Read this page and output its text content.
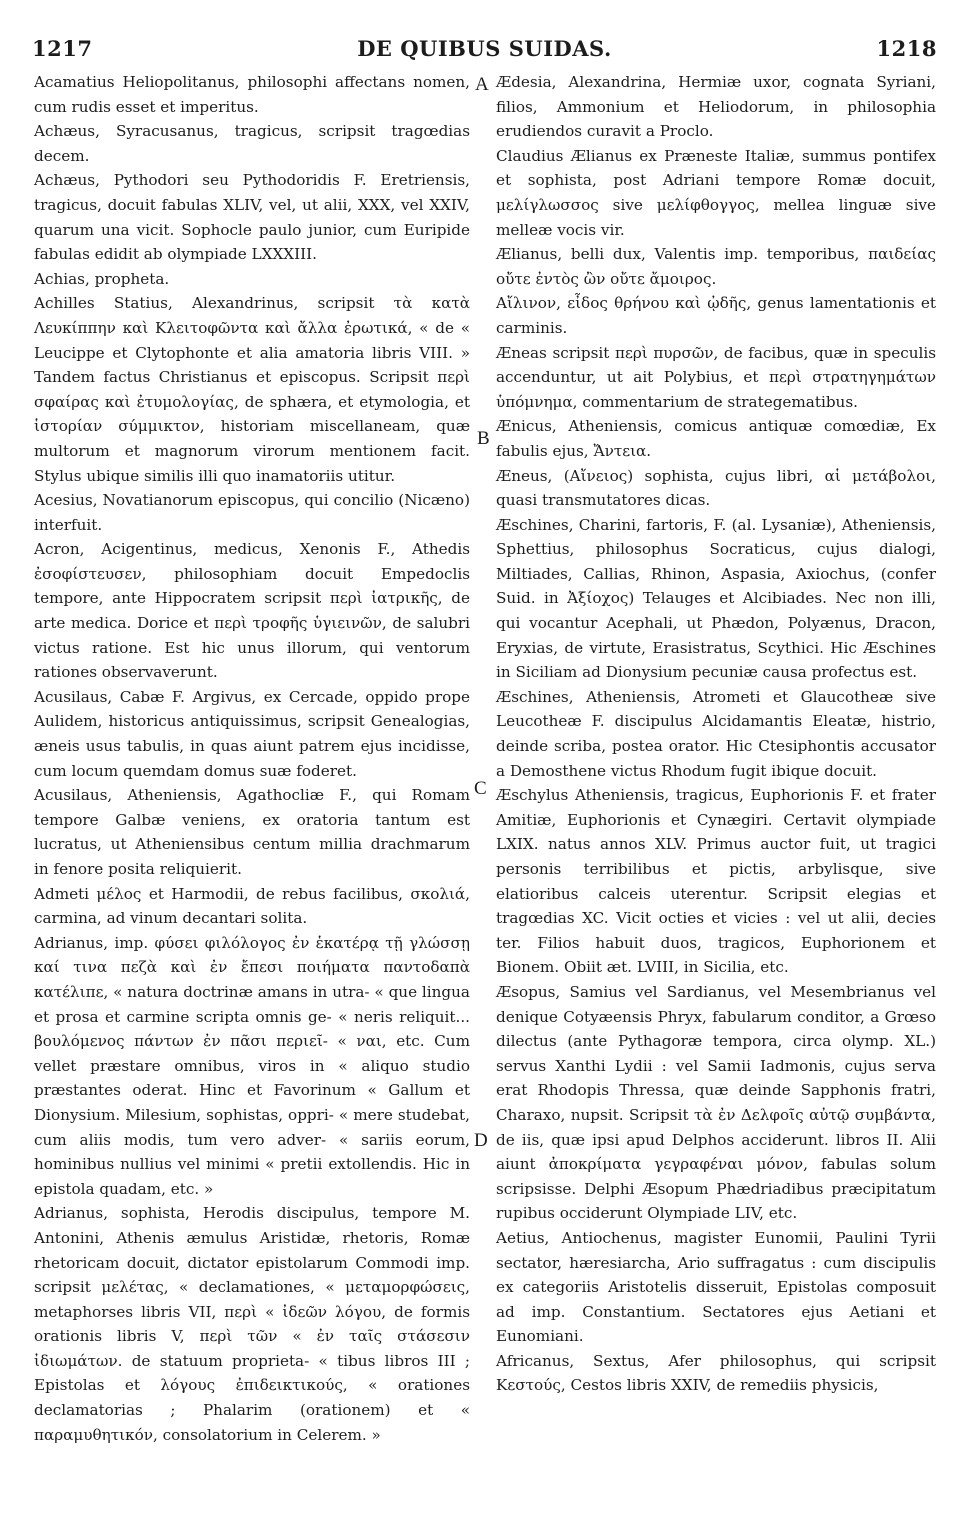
1217	DE QUIBUS SUIDAS.	1218
A
B
C
D

Acamatius Heliopolitanus, philosophi affectans nomen, cum rudis esset et imperitus.

Achæus, Syracusanus, tragicus, scripsit tragœdias decem.

Achæus, Pythodori seu Pythodoridis F. Eretriensis, tragicus, docuit fabulas XLIV, vel, ut alii, XXX, vel XXIV, quarum una vicit. Sophocle paulo junior, cum Euripide fabulas edidit ab olympiade LXXXIII.

Achias, propheta.

Achilles Statius, Alexandrinus, scripsit τὰ κατὰ Λευκίππην καὶ Κλειτοφῶντα καὶ ἄλλα ἐρωτικά, « de « Leucippe et Clytophonte et alia amatoria libris VIII. » Tandem factus Christianus et episcopus. Scripsit περὶ σφαίρας καὶ ἐτυμολογίας, de sphæra, et etymologia, et ἱστορίαν σύμμικτον, historiam miscellaneam, quæ multorum et magnorum virorum mentionem facit. Stylus ubique similis illi quo inamatoriis utitur.

Acesius, Novatianorum episcopus, qui concilio (Nicæno) interfuit.

Acron, Acigentinus, medicus, Xenonis F., Athedis ἐσοφίστευσεν, philosophiam docuit Empedoclis tempore, ante Hippocratem scripsit περὶ ἰατρικῆς, de arte medica. Dorice et περὶ τροφῆς ὑγιεινῶν, de salubri victus ratione. Est hic unus illorum, qui ventorum rationes observaverunt.

Acusilaus, Cabæ F. Argivus, ex Cercade, oppido prope Aulidem, historicus antiquissimus, scripsit Genealogias, æneis usus tabulis, in quas aiunt patrem ejus incidisse, cum locum quemdam domus suæ foderet.

Acusilaus, Atheniensis, Agathocliæ F., qui Romam tempore Galbæ veniens, ex oratoria tantum est lucratus, ut Atheniensibus centum millia drachmarum in fenore posita reliquierit.

Admeti μέλος et Harmodii, de rebus facilibus, σκολιά, carmina, ad vinum decantari solita.

Adrianus, imp. φύσει φιλόλογος ἐν ἑκατέρᾳ τῇ γλώσσῃ καί τινα πεζὰ καὶ ἐν ἔπεσι ποιήματα παντοδαπὰ κατέλιπε, « natura doctrinæ amans in utra- « que lingua et prosa et carmine scripta omnis ge- « neris reliquit... βουλόμενος πάντων ἐν πᾶσι περιεῖ- « ναι, etc. Cum vellet præstare omnibus, viros in « aliquo studio præstantes oderat. Hinc et Favorinum « Gallum et Dionysium. Milesium, sophistas, oppri- « mere studebat, cum aliis modis, tum vero adver- « sariis eorum, hominibus nullius vel minimi « pretii extollendis. Hic in epistola quadam, etc. »

Adrianus, sophista, Herodis discipulus, tempore M. Antonini, Athenis æmulus Aristidæ, rhetoris, Romæ rhetoricam docuit, dictator epistolarum Commodi imp. scripsit μελέτας, « declamationes, « μεταμορφώσεις, metaphorses libris VII, περὶ « ἰδεῶν λόγου, de formis orationis libris V, περὶ τῶν « ἐν ταῖς στάσεσιν ἰδιωμάτων. de statuum proprieta- « tibus libros III ; Epistolas et λόγους ἐπιδεικτικούς, « orationes declamatorias ; Phalarim (orationem) et « παραμυθητικόν, consolatorium in Celerem. »

Ædesia, Alexandrina, Hermiæ uxor, cognata Syriani, filios, Ammonium et Heliodorum, in philosophia erudiendos curavit a Proclo.

Claudius Ælianus ex Præneste Italiæ, summus pontifex et sophista, post Adriani tempore Romæ docuit, μελίγλωσσος sive μελίφθογγος, mellea linguæ sive melleæ vocis vir.

Ælianus, belli dux, Valentis imp. temporibus, παιδείας οὔτε ἐντὸς ὢν οὔτε ἄμοιρος.

Αἴλινον, εἶδος θρήνου καὶ ᾠδῆς, genus lamentationis et carminis.

Æneas scripsit περὶ πυρσῶν, de facibus, quæ in speculis accenduntur, ut ait Polybius, et περὶ στρατηγημάτων ὑπόμνημα, commentarium de strategematibus.

Ænicus, Atheniensis, comicus antiquæ comœdiæ, Ex fabulis ejus, Ἄντεια.

Æneus, (Αἴνειος) sophista, cujus libri, αἱ μετάβολοι, quasi transmutatores dicas.

Æschines, Charini, fartoris, F. (al. Lysaniæ), Atheniensis, Sphettius, philosophus Socraticus, cujus dialogi, Miltiades, Callias, Rhinon, Aspasia, Axiochus, (confer Suid. in Ἀξίοχος) Telauges et Alcibiades. Nec non illi, qui vocantur Acephali, ut Phædon, Polyænus, Dracon, Eryxias, de virtute, Erasistratus, Scythici. Hic Æschines in Siciliam ad Dionysium pecuniæ causa profectus est.

Æschines, Atheniensis, Atrometi et Glaucotheæ sive Leucotheæ F. discipulus Alcidamantis Eleatæ, histrio, deinde scriba, postea orator. Hic Ctesiphontis accusator a Demosthene victus Rhodum fugit ibique docuit.

Æschylus Atheniensis, tragicus, Euphorionis F. et frater Amitiæ, Euphorionis et Cynægiri. Certavit olympiade LXIX. natus annos XLV. Primus auctor fuit, ut tragici personis terribilibus et pictis, arbylisque, sive elatioribus calceis uterentur. Scripsit elegias et tragœdias XC. Vicit octies et vicies : vel ut alii, decies ter. Filios habuit duos, tragicos, Euphorionem et Bionem. Obiit æt. LVIII, in Sicilia, etc.

Æsopus, Samius vel Sardianus, vel Mesembrianus vel denique Cotyæensis Phryx, fabularum conditor, a Grœso dilectus (ante Pythagoræ tempora, circa olymp. XL.) servus Xanthi Lydii : vel Samii Iadmonis, cujus serva erat Rhodopis Thressa, quæ deinde Sapphonis fratri, Charaxo, nupsit. Scripsit τὰ ἐν Δελφοῖς αὐτῷ συμβάντα, de iis, quæ ipsi apud Delphos acciderunt. libros II. Alii aiunt ἀποκρίματα γεγραφέναι μόνον, fabulas solum scripsisse. Delphi Æsopum Phædriadibus præcipitatum rupibus occiderunt Olympiade LIV, etc.

Aetius, Antiochenus, magister Eunomii, Paulini Tyrii sectator, hæresiarcha, Ario suffragatus : cum discipulis ex categoriis Aristotelis disseruit, Epistolas composuit ad imp. Constantium. Sectatores ejus Aetiani et Eunomiani.

Africanus, Sextus, Afer philosophus, qui scripsit Κεστούς, Cestos libris XXIV, de remediis physicis,
